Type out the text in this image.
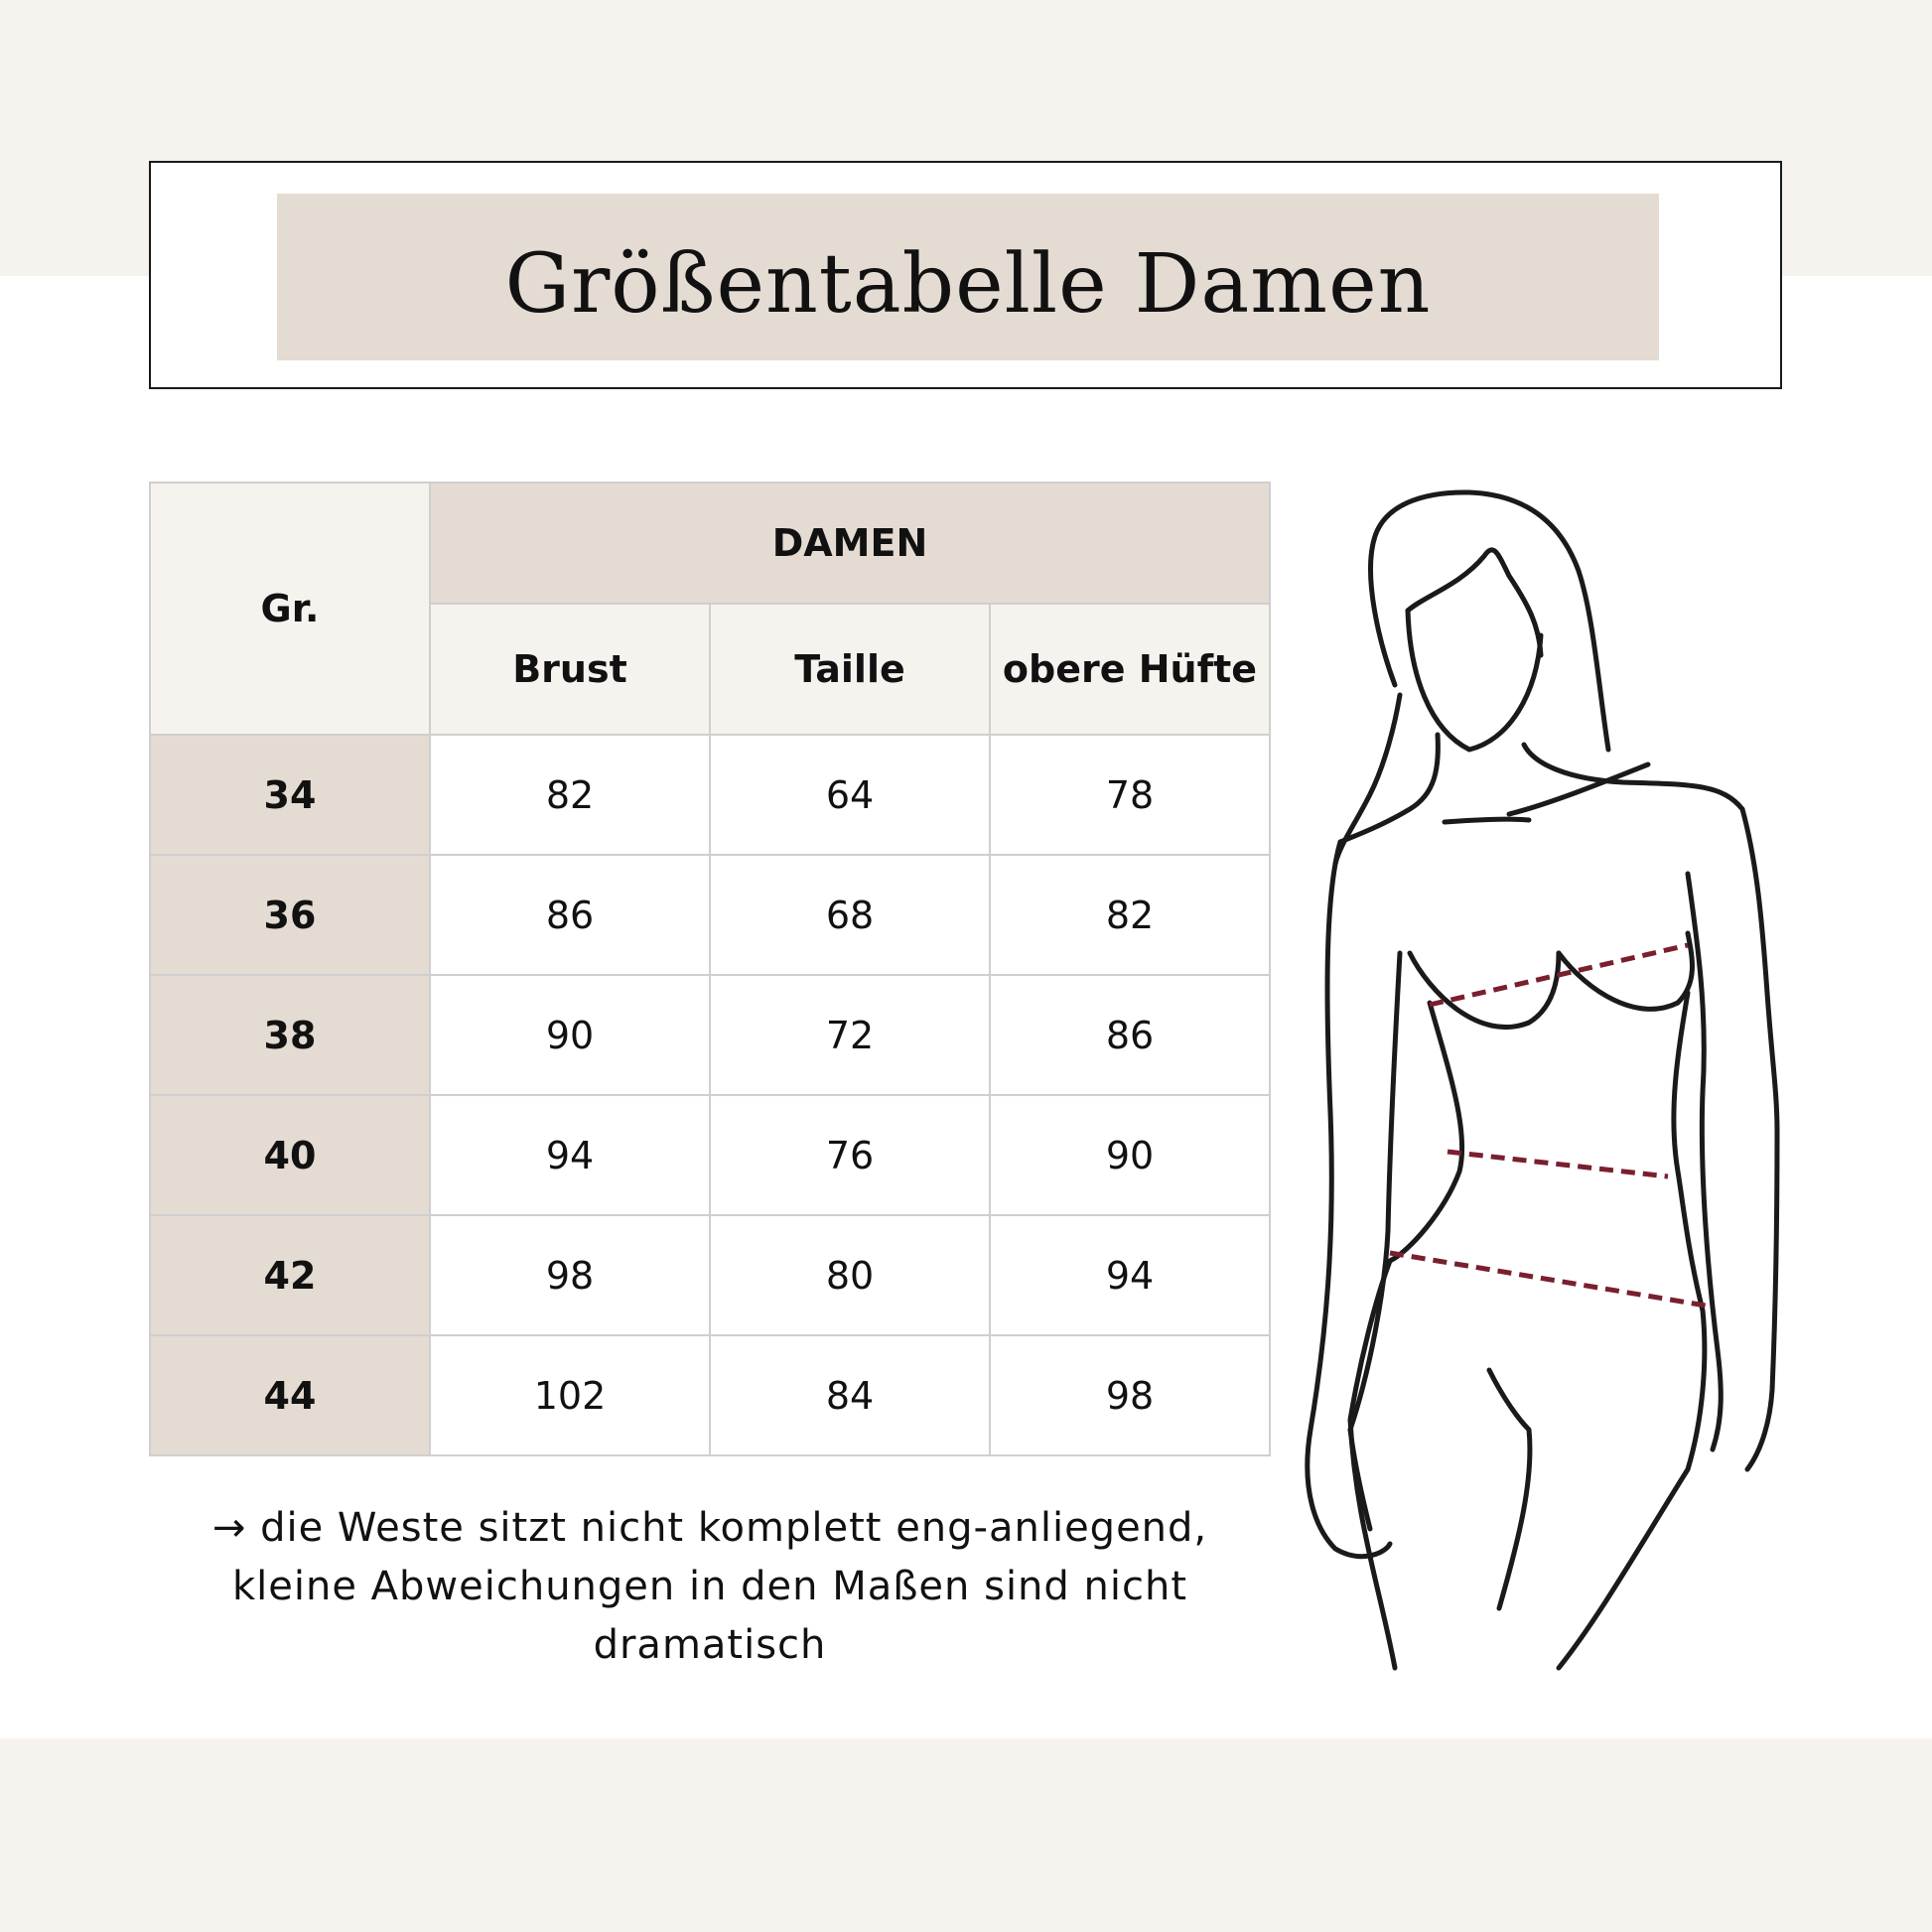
Größentabelle Damen
Gr.	DAMEN		
	Brust	Taille	obere Hüfte
34	82	64	78
36	86	68	82
38	90	72	86
40	94	76	90
42	98	80	94
44	102	84	98
→ die Weste sitzt nicht komplett eng-anliegend, kleine Abweichungen in den Maßen sind nicht dramatisch
